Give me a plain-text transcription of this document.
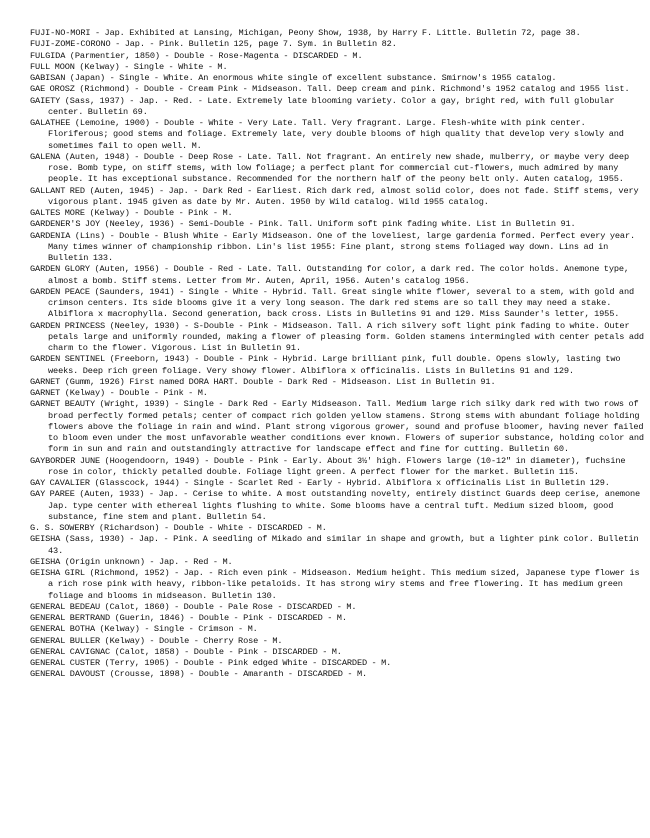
FUJI-NO-MORI - Jap. Exhibited at Lansing, Michigan, Peony Show, 1938, by Harry F. Little. Bulletin 72, page 38.
FUJI-ZOME-CORONO - Jap. - Pink. Bulletin 125, page 7. Sym. in Bulletin 82.
FULGIDA (Parmentier, 1850) - Double - Rose-Magenta - DISCARDED - M.
FULL MOON (Kelway) - Single - White - M.
GABISAN (Japan) - Single - White. An enormous white single of excellent substance. Smirnow's 1955 catalog.
GAE OROSZ (Richmond) - Double - Cream Pink - Midseason. Tall. Deep cream and pink. Richmond's 1952 catalog and 1955 list.
GAIETY (Sass, 1937) - Jap. - Red. - Late. Extremely late blooming variety. Color a gay, bright red, with full globular center. Bulletin 69.
GALATHEE (Lemoine, 1900) - Double - White - Very Late. Tall. Very fragrant. Large. Flesh-white with pink center. Floriferous; good stems and foliage. Extremely late, very double blooms of high quality that develop very slowly and sometimes fail to open well. M.
GALENA (Auten, 1948) - Double - Deep Rose - Late. Tall. Not fragrant. An entirely new shade, mulberry, or maybe very deep rose. Bomb type, on stiff stems, with low foliage; a perfect plant for commercial cut-flowers, much admired by many people. It has exceptional substance. Recommended for the northern half of the peony belt only. Auten catalog, 1955.
GALLANT RED (Auten, 1945) - Jap. - Dark Red - Earliest. Rich dark red, almost solid color, does not fade. Stiff stems, very vigorous plant. 1945 given as date by Mr. Auten. 1950 by Wild catalog. Wild 1955 catalog.
GALTES MORE (Kelway) - Double - Pink - M.
GARDENER'S JOY (Neeley, 1936) - Semi-Double - Pink. Tall. Uniform soft pink fading white. List in Bulletin 91.
GARDENIA (Lins) - Double - Blush White - Early Midseason. One of the loveliest, large gardenia formed. Perfect every year. Many times winner of championship ribbon. Lin's list 1955: Fine plant, strong stems foliaged way down. Lins ad in Bulletin 133.
GARDEN GLORY (Auten, 1956) - Double - Red - Late. Tall. Outstanding for color, a dark red. The color holds. Anemone type, almost a bomb. Stiff stems. Letter from Mr. Auten, April, 1956. Auten's catalog 1956.
GARDEN PEACE (Saunders, 1941) - Single - White - Hybrid. Tall. Great single white flower, several to a stem, with gold and crimson centers. Its side blooms give it a very long season. The dark red stems are so tall they may need a stake. Albiflora x macrophylla. Second generation, back cross. Lists in Bulletins 91 and 129. Miss Saunder's letter, 1955.
GARDEN PRINCESS (Neeley, 1930) - S-Double - Pink - Midseason. Tall. A rich silvery soft light pink fading to white. Outer petals large and uniformly rounded, making a flower of pleasing form. Golden stamens intermingled with center petals add charm to the flower. Vigorous. List in Bulletin 91.
GARDEN SENTINEL (Freeborn, 1943) - Double - Pink - Hybrid. Large brilliant pink, full double. Opens slowly, lasting two weeks. Deep rich green foliage. Very showy flower. Albiflora x officinalis. Lists in Bulletins 91 and 129.
GARNET (Gumm, 1926) First named DORA HART. Double - Dark Red - Midseason. List in Bulletin 91.
GARNET (Kelway) - Double - Pink - M.
GARNET BEAUTY (Wright, 1939) - Single - Dark Red - Early Midseason. Tall. Medium large rich silky dark red with two rows of broad perfectly formed petals; center of compact rich golden yellow stamens. Strong stems with abundant foliage holding flowers above the foliage in rain and wind. Plant strong vigorous grower, sound and profuse bloomer, having never failed to bloom even under the most unfavorable weather conditions ever known. Flowers of superior substance, holding color and form in sun and rain and outstandingly attractive for landscape effect and fine for cutting. Bulletin 60.
GAYBORDER JUNE (Hoogendoorn, 1949) - Double - Pink - Early. About 3½' high. Flowers large (10-12" in diameter), fuchsine rose in color, thickly petalled double. Foliage light green. A perfect flower for the market. Bulletin 115.
GAY CAVALIER (Glasscock, 1944) - Single - Scarlet Red - Early - Hybrid. Albiflora x officinalis List in Bulletin 129.
GAY PAREE (Auten, 1933) - Jap. - Cerise to white. A most outstanding novelty, entirely distinct Guards deep cerise, anemone Jap. type center with ethereal lights flushing to white. Some blooms have a central tuft. Medium sized bloom, good substance, fine stem and plant. Bulletin 54.
G. S. SOWERBY (Richardson) - Double - White - DISCARDED - M.
GEISHA (Sass, 1930) - Jap. - Pink. A seedling of Mikado and similar in shape and growth, but a lighter pink color. Bulletin 43.
GEISHA (Origin unknown) - Jap. - Red - M.
GEISHA GIRL (Richmond, 1952) - Jap. - Rich even pink - Midseason. Medium height. This medium sized, Japanese type flower is a rich rose pink with heavy, ribbon-like petaloids. It has strong wiry stems and free flowering. It has medium green foliage and blooms in midseason. Bulletin 130.
GENERAL BEDEAU (Calot, 1860) - Double - Pale Rose - DISCARDED - M.
GENERAL BERTRAND (Guerin, 1846) - Double - Pink - DISCARDED - M.
GENERAL BOTHA (Kelway) - Single - Crimson - M.
GENERAL BULLER (Kelway) - Double - Cherry Rose - M.
GENERAL CAVIGNAC (Calot, 1858) - Double - Pink - DISCARDED - M.
GENERAL CUSTER (Terry, 1905) - Double - Pink edged White - DISCARDED - M.
GENERAL DAVOUST (Crousse, 1898) - Double - Amaranth - DISCARDED - M.
